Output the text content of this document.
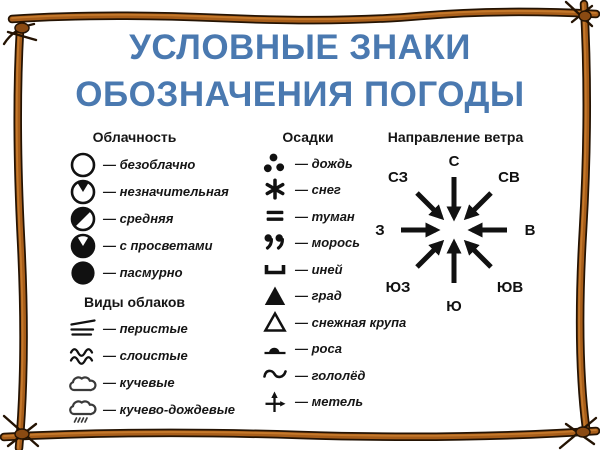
УСЛОВНЫЕ ЗНАКИ
ОБОЗНАЧЕНИЯ ПОГОДЫ
Облачность
— безоблачно
— незначительная
— средняя
— с просветами
— пасмурно
Виды облаков
— перистые
— слоистые
— кучевые
— кучево-дождевые
Осадки
— дождь
— снег
— туман
— морось
— иней
— град
— снежная крупа
— роса
— гололёд
— метель
Направление ветра
С
СВ
В
ЮВ
Ю
ЮЗ
З
СЗ
